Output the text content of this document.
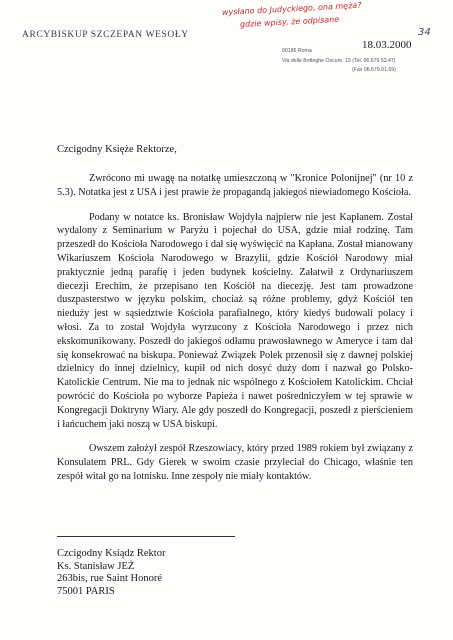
ARCYBISKUP SZCZEPAN WESOŁY
wysłano do Judyckiego, ona męża?
gdzie wpisy, że odpisane
34
18.03.2000
00186 Roma
Via delle Botteghe Oscure, 15 (Tel. 06.679.53.47)
(Fax 06.679.01.69)
Czcigodny Księże Rektorze,

Zwrócono mi uwagę na notatkę umieszczoną w "Kronice Polonijnej" (nr 10 z 5.3). Notatka jest z USA i jest prawie że propagandą jakiegoś niewiadomego Kościoła.

Podany w notatce ks. Bronisław Wojdyła najpierw nie jest Kapłanem. Został wydalony z Seminarium w Paryżu i pojechał do USA, gdzie miał rodzinę. Tam przeszedł do Kościoła Narodowego i dał się wyświęcić na Kapłana. Został mianowany Wikariuszem Kościoła Narodowego w Brazylii, gdzie Kościół Narodowy miał praktycznie jedną parafię i jeden budynek kościelny. Załatwił z Ordynariuszem diecezji Erechim, że przepisano ten Kościół na diecezję. Jest tam prowadzone duszpasterstwo w języku polskim, chociaż są różne problemy, gdyż Kościół ten nieduży jest w sąsiedztwie Kościoła parafialnego, który kiedyś budowali polacy i włosi. Za to został Wojdyła wyrzucony z Kościoła Narodowego i przez nich ekskomunikowany. Poszedł do jakiegoś odłamu prawosławnego w Ameryce i tam dał się konsekrować na biskupa. Ponieważ Związek Polek przenosił się z dawnej polskiej dzielnicy do innej dzielnicy, kupił od nich dosyć duży dom i nazwał go Polsko-Katolickie Centrum. Nie ma to jednak nic wspólnego z Kościołem Katolickim. Chciał powrócić do Kościoła po wyborze Papieża i nawet pośredniczyłem w tej sprawie w Kongregacji Doktryny Wiary. Ale gdy poszedł do Kongregacji, poszedł z pierścieniem i łańcuchem jaki noszą w USA biskupi.

Owszem założył zespół Rzeszowiacy, który przed 1989 rokiem był związany z Konsulatem PRL. Gdy Gierek w swoim czasie przyleciał do Chicago, właśnie ten zespół witał go na lotnisku. Inne zespoły nie miały kontaktów.

Czcigodny Ksiądz Rektor
Ks. Stanisław JEŻ
263bis, rue Saint Honoré
75001 PARIS
